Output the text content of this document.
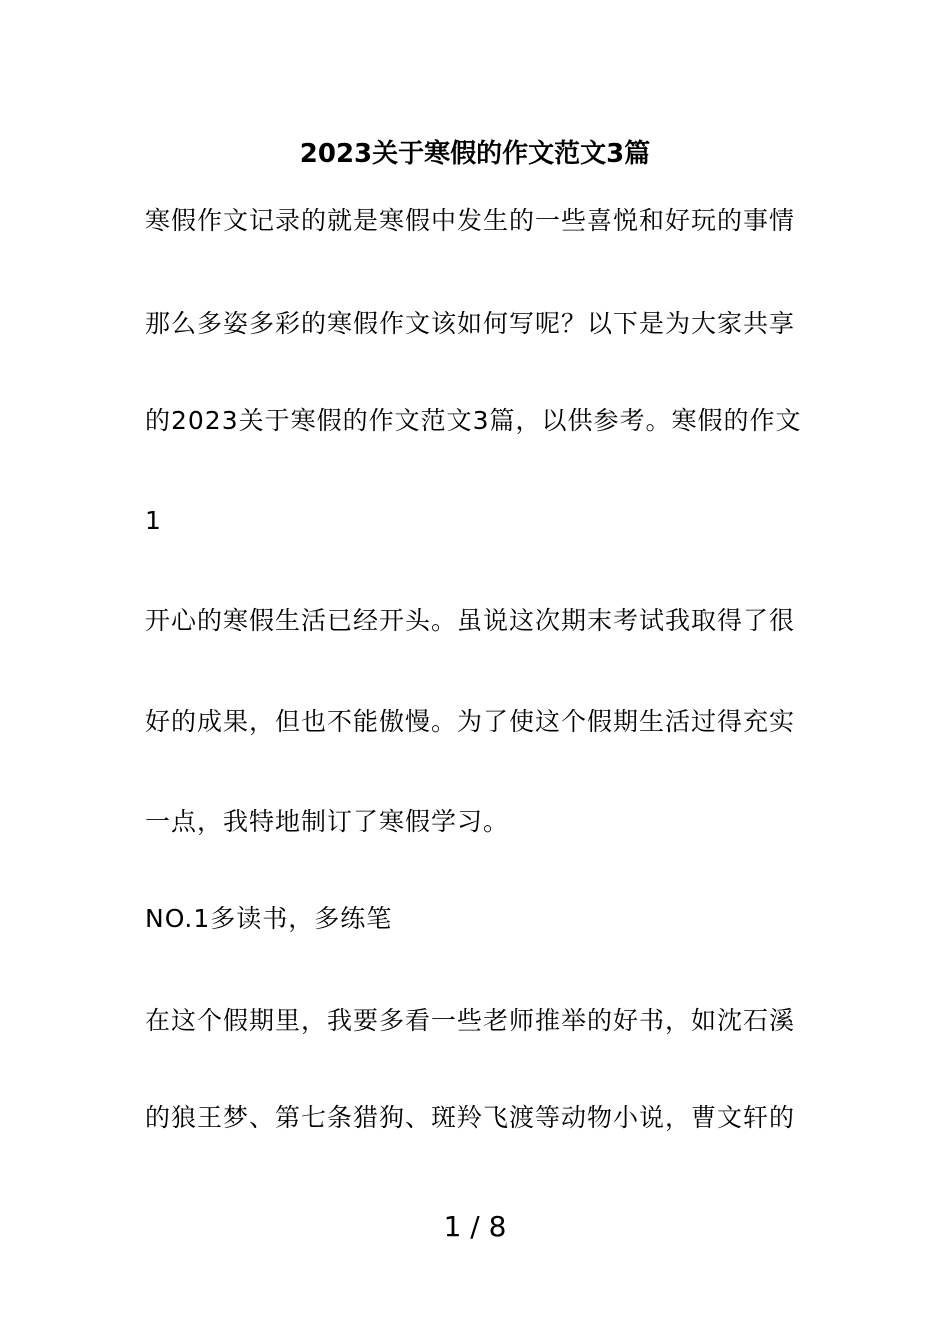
2023关于寒假的作文范文3篇
寒假作文记录的就是寒假中发生的一些喜悦和好玩的事情
那么多姿多彩的寒假作文该如何写呢？以下是为大家共享
的2023关于寒假的作文范文3篇，以供参考。寒假的作文
1
开心的寒假生活已经开头。虽说这次期末考试我取得了很
好的成果，但也不能傲慢。为了使这个假期生活过得充实
一点，我特地制订了寒假学习。
NO.1多读书，多练笔
在这个假期里，我要多看一些老师推举的好书，如沈石溪
的狼王梦、第七条猎狗、斑羚飞渡等动物小说，曹文轩的
1 / 8
